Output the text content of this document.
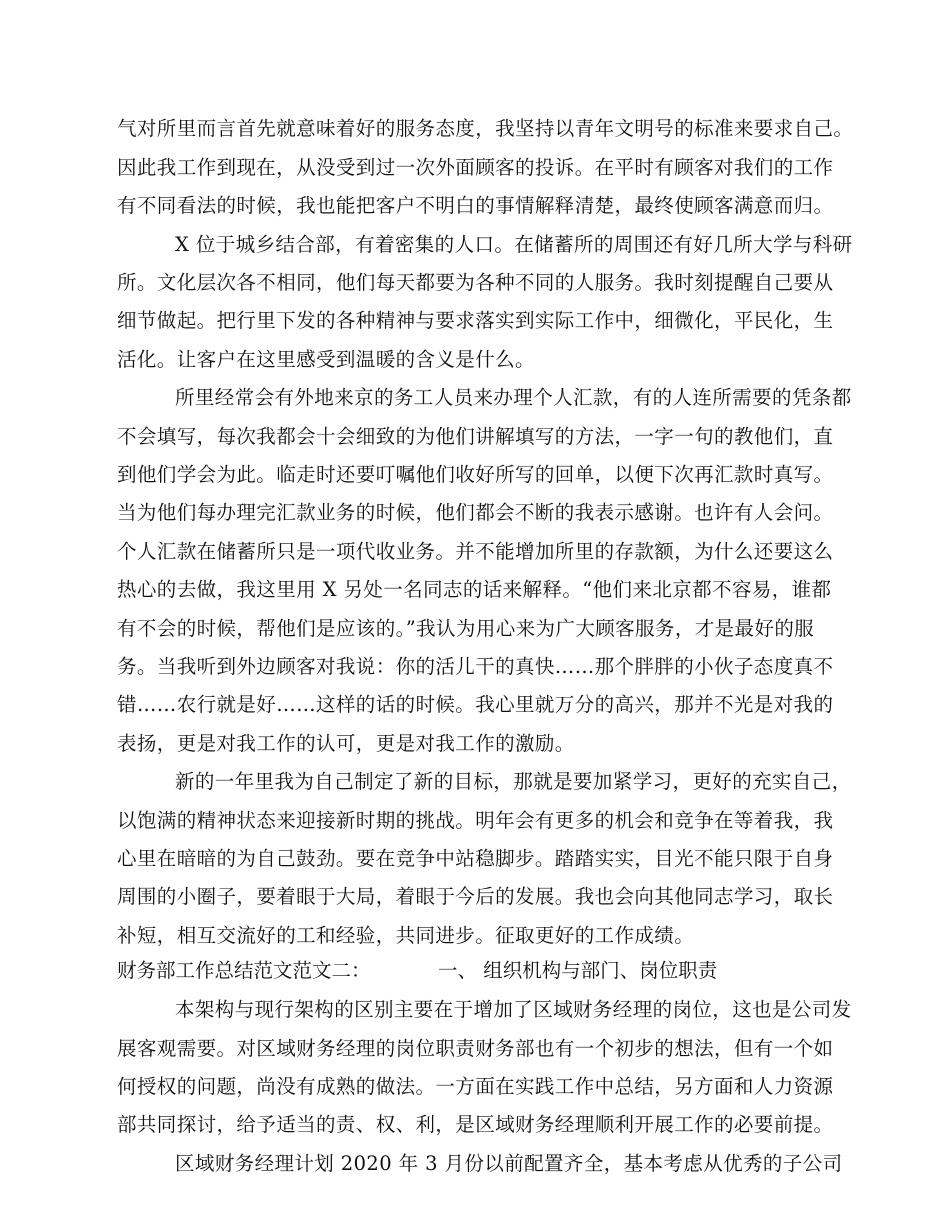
气对所里而言首先就意味着好的服务态度，我坚持以青年文明号的标准来要求自己。
因此我工作到现在，从没受到过一次外面顾客的投诉。在平时有顾客对我们的工作
有不同看法的时候，我也能把客户不明白的事情解释清楚，最终使顾客满意而归。
X 位于城乡结合部，有着密集的人口。在储蓄所的周围还有好几所大学与科研
所。文化层次各不相同，他们每天都要为各种不同的人服务。我时刻提醒自己要从
细节做起。把行里下发的各种精神与要求落实到实际工作中，细微化，平民化，生
活化。让客户在这里感受到温暖的含义是什么。
所里经常会有外地来京的务工人员来办理个人汇款，有的人连所需要的凭条都
不会填写，每次我都会十会细致的为他们讲解填写的方法，一字一句的教他们，直
到他们学会为此。临走时还要叮嘱他们收好所写的回单，以便下次再汇款时真写。
当为他们每办理完汇款业务的时候，他们都会不断的我表示感谢。也许有人会问。
个人汇款在储蓄所只是一项代收业务。并不能增加所里的存款额，为什么还要这么
热心的去做，我这里用 X 另处一名同志的话来解释。“他们来北京都不容易，谁都
有不会的时候，帮他们是应该的。”我认为用心来为广大顾客服务，才是最好的服
务。当我听到外边顾客对我说：你的活儿干的真快……那个胖胖的小伙子态度真不
错……农行就是好……这样的话的时候。我心里就万分的高兴，那并不光是对我的
表扬，更是对我工作的认可，更是对我工作的激励。
新的一年里我为自己制定了新的目标，那就是要加紧学习，更好的充实自己，
以饱满的精神状态来迎接新时期的挑战。明年会有更多的机会和竞争在等着我，我
心里在暗暗的为自己鼓劲。要在竞争中站稳脚步。踏踏实实，目光不能只限于自身
周围的小圈子，要着眼于大局，着眼于今后的发展。我也会向其他同志学习，取长
补短，相互交流好的工和经验，共同进步。征取更好的工作成绩。
财务部工作总结范文范文二：	一、 组织机构与部门、岗位职责
本架构与现行架构的区别主要在于增加了区域财务经理的岗位，这也是公司发
展客观需要。对区域财务经理的岗位职责财务部也有一个初步的想法，但有一个如
何授权的问题，尚没有成熟的做法。一方面在实践工作中总结，另方面和人力资源
部共同探讨，给予适当的责、权、利，是区域财务经理顺利开展工作的必要前提。
区域财务经理计划 2020 年 3 月份以前配置齐全，基本考虑从优秀的子公司
